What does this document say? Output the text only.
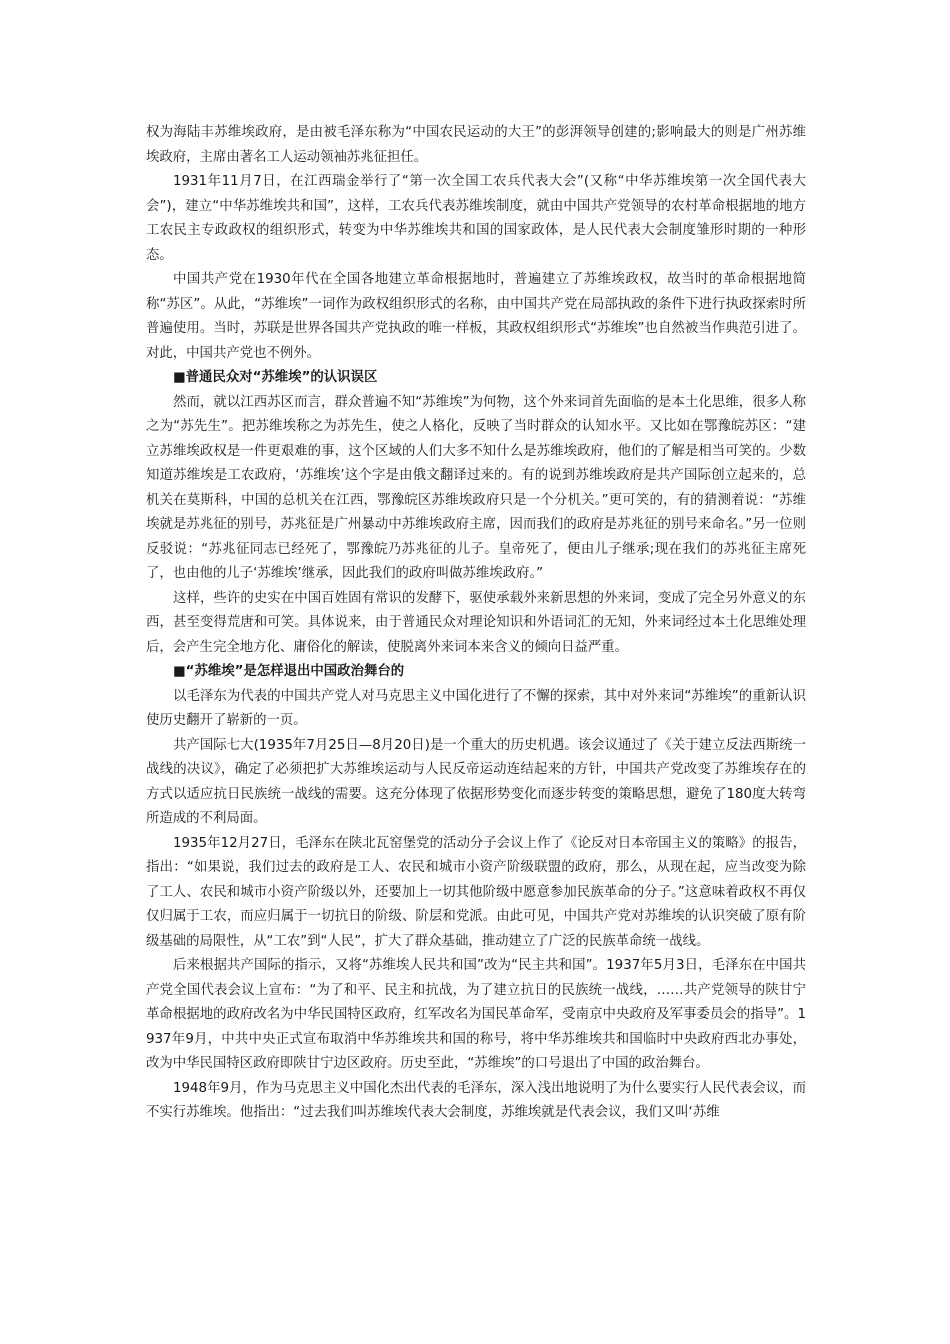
权为海陆丰苏维埃政府，是由被毛泽东称为“中国农民运动的大王”的彭湃领导创建的;影响最大的则是广州苏维埃政府，主席由著名工人运动领袖苏兆征担任。

1931年11月7日，在江西瑞金举行了“第一次全国工农兵代表大会”(又称“中华苏维埃第一次全国代表大会”)，建立“中华苏维埃共和国”，这样，工农兵代表苏维埃制度，就由中国共产党领导的农村革命根据地的地方工农民主专政政权的组织形式，转变为中华苏维埃共和国的国家政体，是人民代表大会制度雏形时期的一种形态。

中国共产党在1930年代在全国各地建立革命根据地时，普遍建立了苏维埃政权，故当时的革命根据地简称“苏区”。从此，“苏维埃”一词作为政权组织形式的名称，由中国共产党在局部执政的条件下进行执政探索时所普遍使用。当时，苏联是世界各国共产党执政的唯一样板，其政权组织形式“苏维埃”也自然被当作典范引进了。对此，中国共产党也不例外。

■普通民众对“苏维埃”的认识误区

然而，就以江西苏区而言，群众普遍不知“苏维埃”为何物，这个外来词首先面临的是本土化思维，很多人称之为“苏先生”。把苏维埃称之为苏先生，使之人格化，反映了当时群众的认知水平。又比如在鄂豫皖苏区：“建立苏维埃政权是一件更艰难的事，这个区域的人们大多不知什么是苏维埃政府，他们的了解是相当可笑的。少数知道苏维埃是工农政府，‘苏维埃’这个字是由俄文翻译过来的。有的说到苏维埃政府是共产国际创立起来的，总机关在莫斯科，中国的总机关在江西，鄂豫皖区苏维埃政府只是一个分机关。”更可笑的，有的猜测着说：“苏维埃就是苏兆征的别号，苏兆征是广州暴动中苏维埃政府主席，因而我们的政府是苏兆征的别号来命名。”另一位则反驳说：“苏兆征同志已经死了，鄂豫皖乃苏兆征的儿子。皇帝死了，便由儿子继承;现在我们的苏兆征主席死了，也由他的儿子‘苏维埃’继承，因此我们的政府叫做苏维埃政府。”

这样，些许的史实在中国百姓固有常识的发酵下，驱使承载外来新思想的外来词，变成了完全另外意义的东西，甚至变得荒唐和可笑。具体说来，由于普通民众对理论知识和外语词汇的无知，外来词经过本土化思维处理后，会产生完全地方化、庸俗化的解读，使脱离外来词本来含义的倾向日益严重。

■“苏维埃”是怎样退出中国政治舞台的

以毛泽东为代表的中国共产党人对马克思主义中国化进行了不懈的探索，其中对外来词“苏维埃”的重新认识使历史翻开了崭新的一页。

共产国际七大(1935年7月25日—8月20日)是一个重大的历史机遇。该会议通过了《关于建立反法西斯统一战线的决议》，确定了必须把扩大苏维埃运动与人民反帝运动连结起来的方针，中国共产党改变了苏维埃存在的方式以适应抗日民族统一战线的需要。这充分体现了依据形势变化而逐步转变的策略思想，避免了180度大转弯所造成的不利局面。

1935年12月27日，毛泽东在陕北瓦窑堡党的活动分子会议上作了《论反对日本帝国主义的策略》的报告，指出：“如果说，我们过去的政府是工人、农民和城市小资产阶级联盟的政府，那么，从现在起，应当改变为除了工人、农民和城市小资产阶级以外，还要加上一切其他阶级中愿意参加民族革命的分子。”这意味着政权不再仅仅归属于工农，而应归属于一切抗日的阶级、阶层和党派。由此可见，中国共产党对苏维埃的认识突破了原有阶级基础的局限性，从“工农”到“人民”，扩大了群众基础，推动建立了广泛的民族革命统一战线。

后来根据共产国际的指示，又将“苏维埃人民共和国”改为“民主共和国”。1937年5月3日，毛泽东在中国共产党全国代表会议上宣布：“为了和平、民主和抗战，为了建立抗日的民族统一战线，……共产党领导的陕甘宁革命根据地的政府改名为中华民国特区政府，红军改名为国民革命军，受南京中央政府及军事委员会的指导”。1937年9月，中共中央正式宣布取消中华苏维埃共和国的称号，将中华苏维埃共和国临时中央政府西北办事处，改为中华民国特区政府即陕甘宁边区政府。历史至此，“苏维埃”的口号退出了中国的政治舞台。

1948年9月，作为马克思主义中国化杰出代表的毛泽东，深入浅出地说明了为什么要实行人民代表会议，而不实行苏维埃。他指出：“过去我们叫苏维埃代表大会制度，苏维埃就是代表会议，我们又叫‘苏维
